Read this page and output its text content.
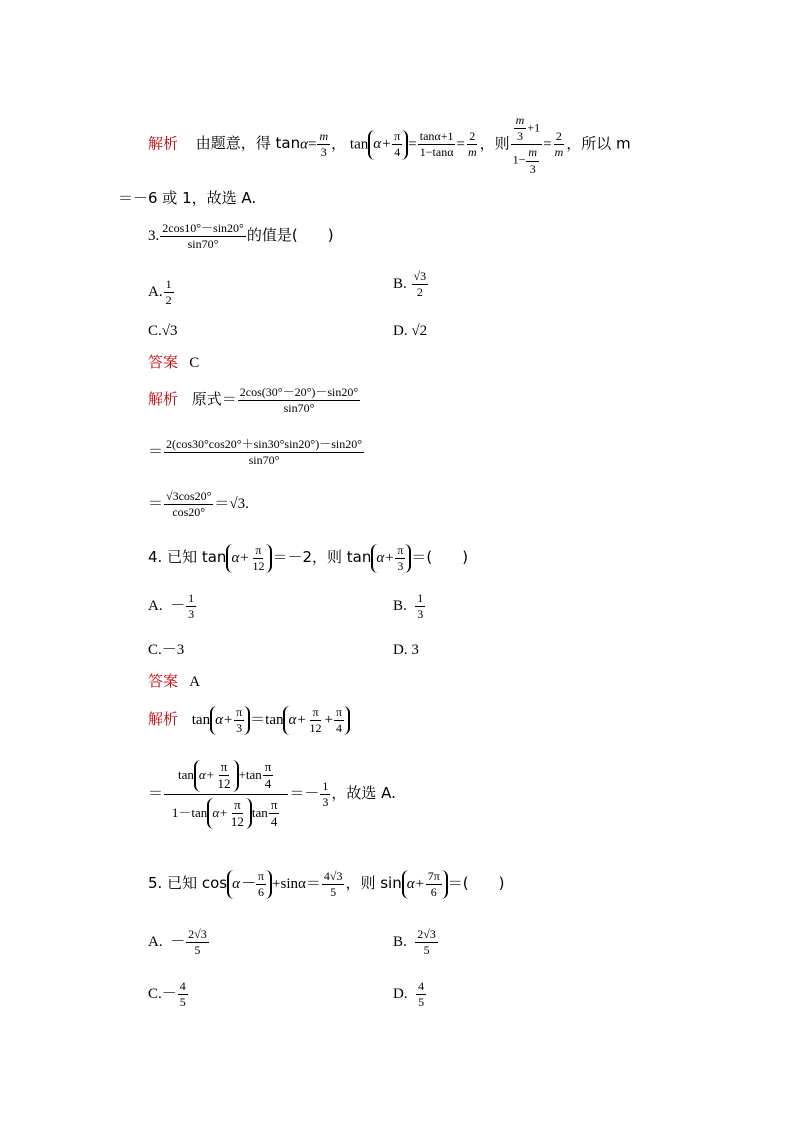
解析 由题意，得 $\tan\alpha= \frac{m}{3}$ ， $\tan \alpha+ \frac{\pi}{4} = \frac{\tan\alpha+1}{1-\tan\alpha} = \frac{2}{m}$ ，则 $\frac{\frac{m}{3} +1}{1- \frac{m}{3}} = \frac{2}{m}$ ，所以 m
＝－6 或 1，故选 A.
3. $\frac{2\cos 10^\circ-\sin 20^\circ}{\sin 70^\circ}$ 的值是(　　)
A. $\frac{1}{2}$	B. $\frac{√3}{2}$
C.√3	D. √2
答案 C
解析 原式＝ $\frac{2\cos(30^\circ-20^\circ)-\sin 20^\circ}{\sin 70^\circ}$
＝ $\frac{2(\cos 30^\circ\cos 20^\circ+\sin 30^\circ\sin 20^\circ)-\sin 20^\circ}{\sin 70^\circ}$
＝ $\frac{√3\cos 20^\circ}{\cos 20^\circ} =√3$.
4. 已知 $\tan \alpha+ \frac{\pi}{12} =-2$，则 $\tan \alpha+ \frac{\pi}{3}$ ＝(　　)
A. － $\frac{1}{3}$	B. $\frac{1}{3}$
C.－3	D. 3
答案 A
解析 $\tan \alpha+ \frac{\pi}{3} =\tan$ $\alpha+ \frac{\pi}{12} + \frac{\pi}{4}$
＝ $\frac{\tan \alpha+ \frac{\pi}{12} +\tan \frac{\pi}{4}}{1-\tan \alpha+ \frac{\pi}{12} \tan \frac{\pi}{4}} =- \frac{1}{3}$ ，故选 A.
5. 已知 $\cos \alpha- \frac{\pi}{6} +\sin\alpha= \frac{4√3}{5}$ ，则 $\sin \alpha+ \frac{7\pi}{6}$ ＝(　　)
A. － $\frac{2√3}{5}$	B. $\frac{2√3}{5}$
$C.- \frac{4}{5}$	D. $\frac{4}{5}$
